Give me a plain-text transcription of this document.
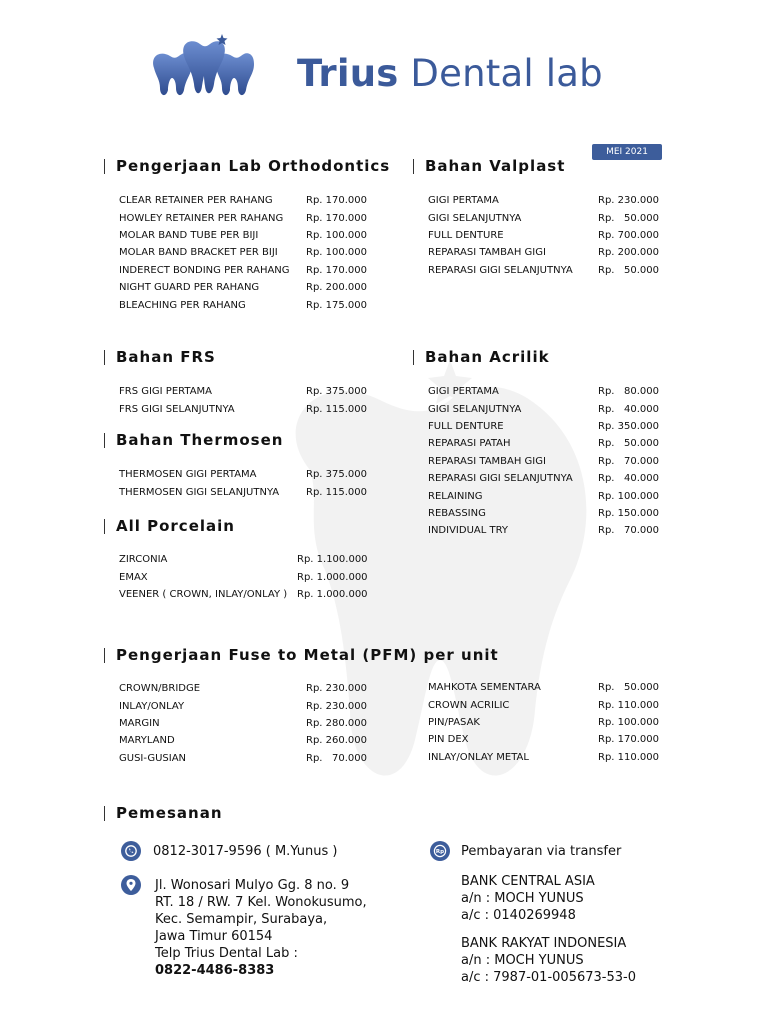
Trius Dental lab
MEI 2021
Pengerjaan Lab Orthodontics
CLEAR RETAINER PER RAHANG	Rp. 170.000
HOWLEY RETAINER PER RAHANG Rp. 170.000
MOLAR BAND TUBE PER BIJI	Rp. 100.000
MOLAR BAND BRACKET PER BIJI	Rp. 100.000
INDERECT BONDING PER RAHANG Rp. 170.000
NIGHT GUARD PER RAHANG	Rp. 200.000
BLEACHING PER RAHANG	Rp. 175.000
Bahan Valplast
GIGI PERTAMA	Rp. 230.000
GIGI SELANJUTNYA	Rp.   50.000
FULL DENTURE	Rp. 700.000
REPARASI TAMBAH GIGI	Rp. 200.000
REPARASI GIGI SELANJUTNYA	Rp.   50.000
Bahan FRS
FRS GIGI PERTAMA	Rp. 375.000
FRS GIGI SELANJUTNYA	Rp. 115.000
Bahan Acrilik
GIGI PERTAMA	Rp.   80.000
GIGI SELANJUTNYA	Rp.   40.000
FULL DENTURE	Rp. 350.000
REPARASI PATAH	Rp.   50.000
REPARASI TAMBAH GIGI	Rp.   70.000
REPARASI GIGI SELANJUTNYA	Rp.   40.000
RELAINING	Rp. 100.000
REBASSING	Rp. 150.000
INDIVIDUAL TRY	Rp.   70.000
Bahan Thermosen
THERMOSEN GIGI PERTAMA	Rp. 375.000
THERMOSEN GIGI SELANJUTNYA	Rp. 115.000
All Porcelain
ZIRCONIA	Rp. 1.100.000
EMAX	Rp. 1.000.000
VEENER ( CROWN, INLAY/ONLAY ) Rp. 1.000.000
Pengerjaan Fuse to Metal (PFM) per unit
CROWN/BRIDGE	Rp. 230.000
INLAY/ONLAY	Rp. 230.000
MARGIN	Rp. 280.000
MARYLAND	Rp. 260.000
GUSI-GUSIAN	Rp.   70.000
MAHKOTA SEMENTARA	Rp.   50.000
CROWN ACRILIC	Rp. 110.000
PIN/PASAK	Rp. 100.000
PIN DEX	Rp. 170.000
INLAY/ONLAY METAL	Rp. 110.000
Pemesanan
0812-3017-9596 ( M.Yunus )
Jl. Wonosari Mulyo Gg. 8 no. 9
RT. 18 / RW. 7 Kel. Wonokusumo,
Kec. Semampir, Surabaya,
Jawa Timur 60154
Telp Trius Dental Lab :
0822-4486-8383
Rp Pembayaran via transfer
BANK CENTRAL ASIA
a/n : MOCH YUNUS
a/c : 0140269948
BANK RAKYAT INDONESIA
a/n : MOCH YUNUS
a/c : 7987-01-005673-53-0
